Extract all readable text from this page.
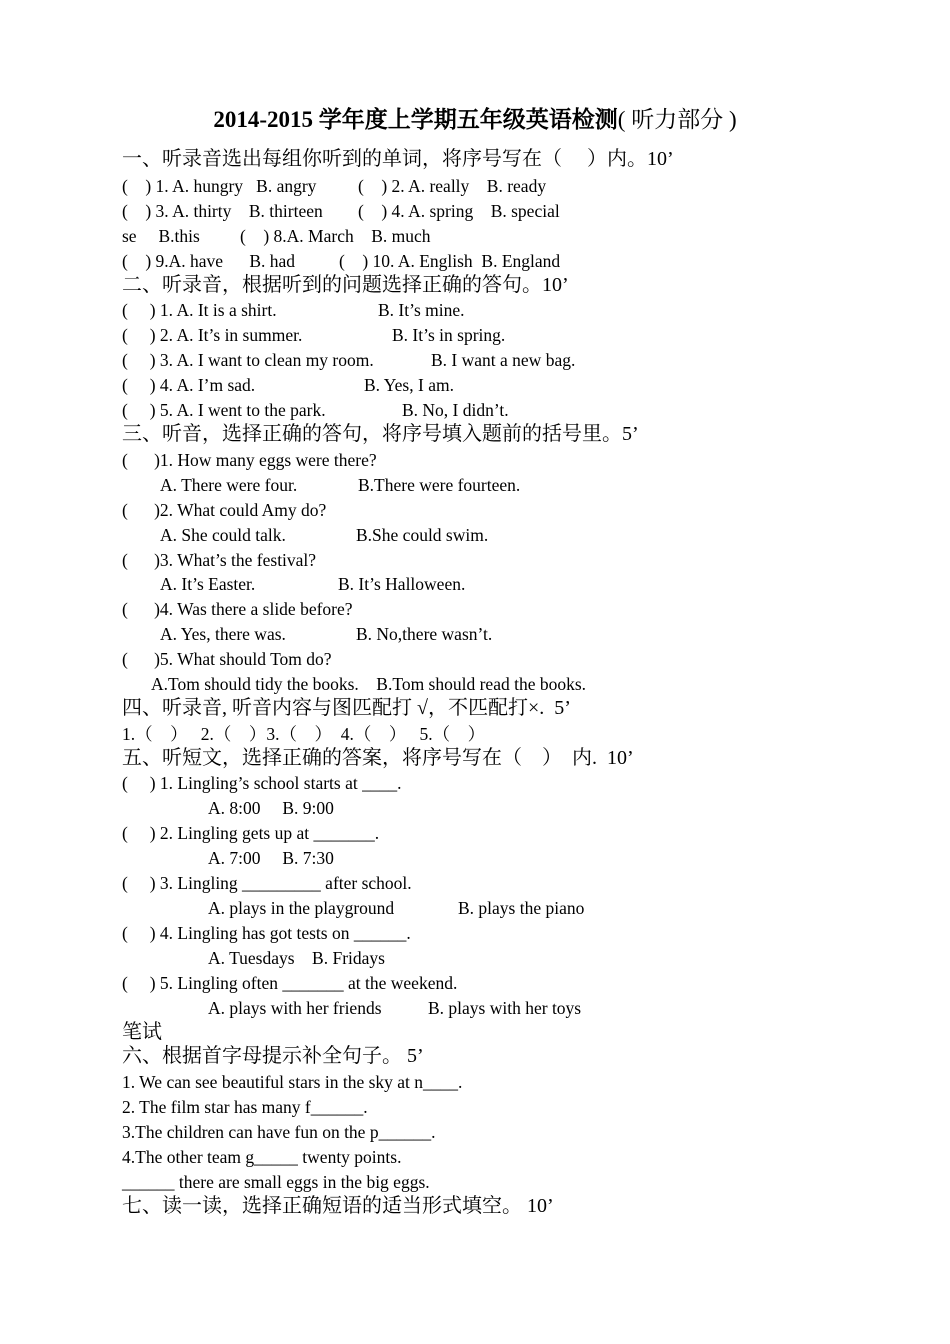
2014-2015 学年度上学期五年级英语检测( 听力部分 )
一、听录音选出每组你听到的单词，将序号写在（     ）内。10’
(    ) 1. A. hungry   B. angry (    ) 2. A. really    B. ready
(    ) 3. A. thirty    B. thirteen (    ) 4. A. spring    B. special
se     B.this (    ) 8.A. March    B. much
(    ) 9.A. have      B. had	(    ) 10. A. English  B. England
二、听录音，根据听到的问题选择正确的答句。10’
(     ) 1. A. It is a shirt.	B. It’s mine.
(     ) 2. A. It’s in summer.	B. It’s in spring.
(     ) 3. A. I want to clean my room.	B. I want a new bag.
(     ) 4. A. I’m sad.	B. Yes, I am.
(     ) 5. A. I went to the park.	B. No, I didn’t.
三、听音，选择正确的答句，将序号填入题前的括号里。5’
(      )1. How many eggs were there?
A. There were four.	B.There were fourteen.
(      )2. What could Amy do?
A. She could talk.	B.She could swim.
(      )3. What’s the festival?
A. It’s Easter.	B. It’s Halloween.
(      )4. Was there a slide before?
A. Yes, there was.	B. No,there wasn’t.
(      )5. What should Tom do?
A.Tom should tidy the books.    B.Tom should read the books.
四、听录音, 听音内容与图匹配打 √，不匹配打×.  5’
1.（    ）   2.（    ）3.（    ）  4.（    ）   5.（    ）
五、听短文，选择正确的答案，将序号写在（    ）  内.  10’
(     ) 1. Lingling’s school starts at ____.
A. 8:00     B. 9:00
(     ) 2. Lingling gets up at _______.
A. 7:00     B. 7:30
(     ) 3. Lingling _________ after school.
A. plays in the playground	B. plays the piano
(     ) 4. Lingling has got tests on ______.
A. Tuesdays    B. Fridays
(     ) 5. Lingling often _______ at the weekend.
A. plays with her friends	B. plays with her toys
笔试
六、根据首字母提示补全句子。 5’
1. We can see beautiful stars in the sky at n____.
2. The film star has many f______.
3.The children can have fun on the p______.
4.The other team g_____ twenty points.
______ there are small eggs in the big eggs.
七、读一读，选择正确短语的适当形式填空。 10’
